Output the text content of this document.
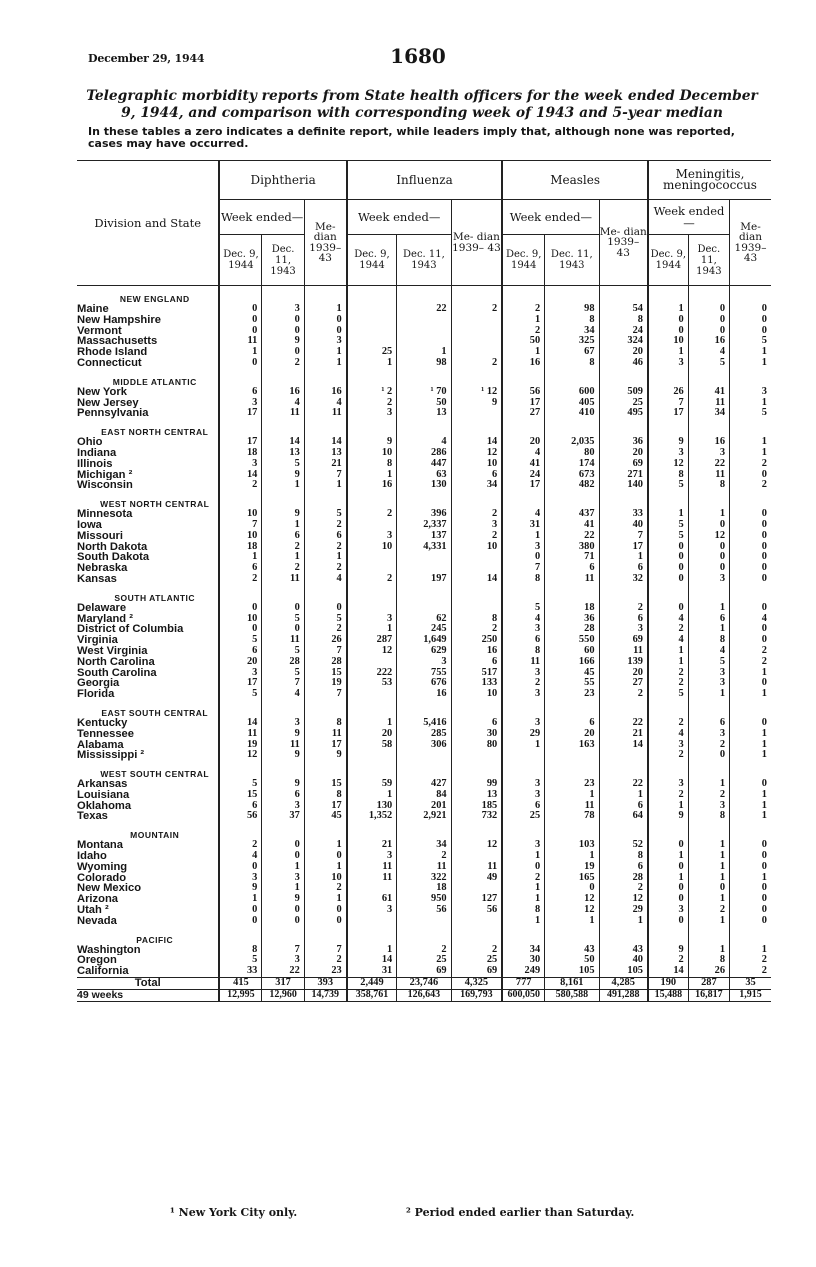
December 29, 1944	1680
Telegraphic morbidity reports from State health officers for the week ended December 9, 1944, and comparison with corresponding week of 1943 and 5-year median
In these tables a zero indicates a definite report, while leaders imply that, although none was reported, cases may have occurred.
Division and State	Diphtheria			Influenza			Measles			Meningitis, meningococcus		
	Week ended—		Me- dian 1939– 43	Week ended—		Me- dian 1939– 43	Week ended—		Me- dian 1939– 43	Week ended—		Me- dian 1939– 43
	Dec. 9, 1944	Dec. 11, 1943		Dec. 9, 1944	Dec. 11, 1943		Dec. 9, 1944	Dec. 11, 1943		Dec. 9, 1944	Dec. 11, 1943	

NEW ENGLAND												
Maine	0	3	1		22	2	2	98	54	1	0	0
New Hampshire	0	0	0				1	8	8	0	0	0
Vermont	0	0	0				2	34	24	0	0	0
Massachusetts	11	9	3				50	325	324	10	16	5
Rhode Island	1	0	1	25	1		1	67	20	1	4	1
Connecticut	0	2	1	1	98	2	16	8	46	3	5	1
MIDDLE ATLANTIC												
New York	6	16	16	¹ 2	¹ 70	¹ 12	56	600	509	26	41	3
New Jersey	3	4	4	2	50	9	17	405	25	7	11	1
Pennsylvania	17	11	11	3	13		27	410	495	17	34	5
EAST NORTH CENTRAL												
Ohio	17	14	14	9	4	14	20	2,035	36	9	16	1
Indiana	18	13	13	10	286	12	4	80	20	3	3	1
Illinois	3	5	21	8	447	10	41	174	69	12	22	2
Michigan ²	14	9	7	1	63	6	24	673	271	8	11	0
Wisconsin	2	1	1	16	130	34	17	482	140	5	8	2
WEST NORTH CENTRAL												
Minnesota	10	9	5	2	396	2	4	437	33	1	1	0
Iowa	7	1	2		2,337	3	31	41	40	5	0	0
Missouri	10	6	6	3	137	2	1	22	7	5	12	0
North Dakota	18	2	2	10	4,331	10	3	380	17	0	0	0
South Dakota	1	1	1				0	71	1	0	0	0
Nebraska	6	2	2				7	6	6	0	0	0
Kansas	2	11	4	2	197	14	8	11	32	0	3	0
SOUTH ATLANTIC												
Delaware	0	0	0				5	18	2	0	1	0
Maryland ²	10	5	5	3	62	8	4	36	6	4	6	4
District of Columbia	0	0	2	1	245	2	3	28	3	2	1	0
Virginia	5	11	26	287	1,649	250	6	550	69	4	8	0
West Virginia	6	5	7	12	629	16	8	60	11	1	4	2
North Carolina	20	28	28		3	6	11	166	139	1	5	2
South Carolina	3	5	15	222	755	517	3	45	20	2	3	1
Georgia	17	7	19	53	676	133	2	55	27	2	3	0
Florida	5	4	7		16	10	3	23	2	5	1	1
EAST SOUTH CENTRAL												
Kentucky	14	3	8	1	5,416	6	3	6	22	2	6	0
Tennessee	11	9	11	20	285	30	29	20	21	4	3	1
Alabama	19	11	17	58	306	80	1	163	14	3	2	1
Mississippi ²	12	9	9							2	0	1
WEST SOUTH CENTRAL												
Arkansas	5	9	15	59	427	99	3	23	22	3	1	0
Louisiana	15	6	8	1	84	13	3	1	1	2	2	1
Oklahoma	6	3	17	130	201	185	6	11	6	1	3	1
Texas	56	37	45	1,352	2,921	732	25	78	64	9	8	1
MOUNTAIN												
Montana	2	0	1	21	34	12	3	103	52	0	1	0
Idaho	4	0	0	3	2		1	1	8	1	1	0
Wyoming	0	1	1	11	11	11	0	19	6	0	1	0
Colorado	3	3	10	11	322	49	2	165	28	1	1	1
New Mexico	9	1	2		18		1	0	2	0	0	0
Arizona	1	9	1	61	950	127	1	12	12	0	1	0
Utah ²	0	0	0	3	56	56	8	12	29	3	2	0
Nevada	0	0	0				1	1	1	0	1	0
PACIFIC												
Washington	8	7	7	1	2	2	34	43	43	9	1	1
Oregon	5	3	2	14	25	25	30	50	40	2	8	2
California	33	22	23	31	69	69	249	105	105	14	26	2
Total	415	317	393	2,449	23,746	4,325	777	8,161	4,285	190	287	35
49 weeks	12,995	12,960	14,739	358,761	126,643	169,793	600,050	580,588	491,288	15,488	16,817	1,915
¹ New York City only.	² Period ended earlier than Saturday.
